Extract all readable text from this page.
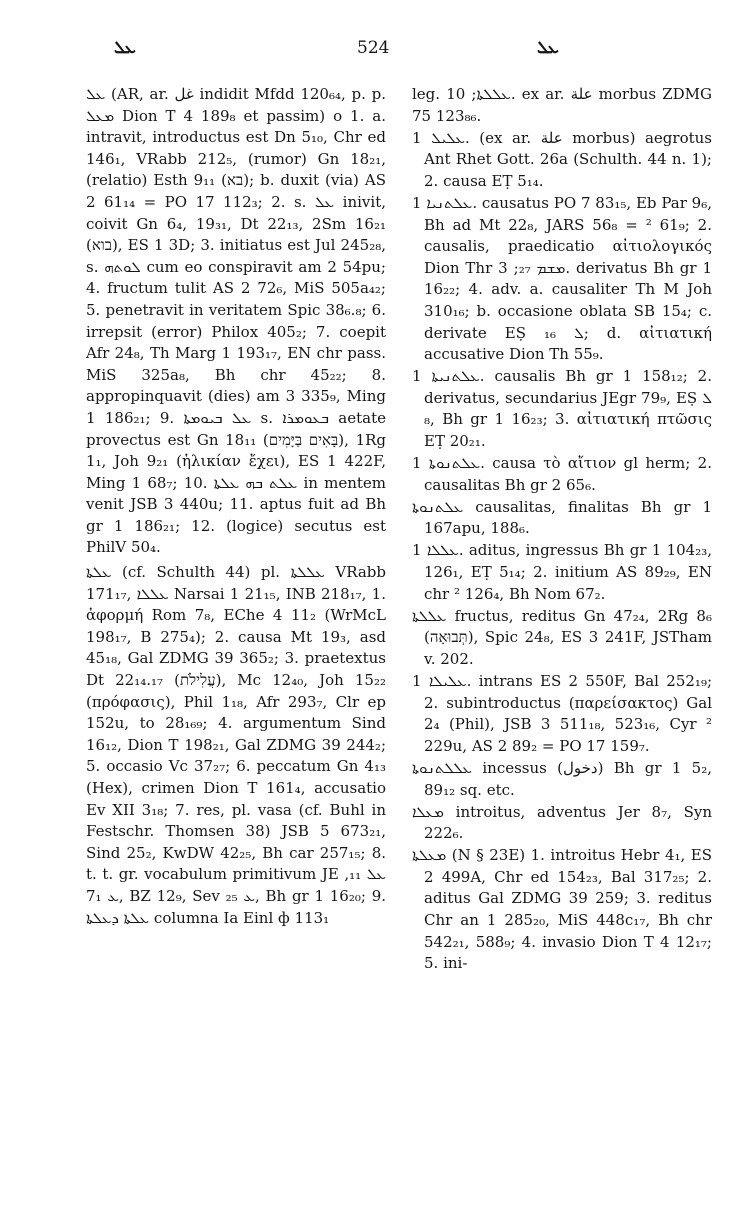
ܥܠ	524	ܥܠ

ܥܠ (AR, ar. غل indidit Mfdd 120₆₄, p. p. ܡܥܠ Dion T 4 189₈ et passim) o 1. a. intravit, introductus est Dn 5₁₀, Chr ed 146₁, VRabb 212₅, (rumor) Gn 18₂₁, (relatio) Esth 9₁₁ (בא); b. duxit (via) AS 2 61₁₄ = PO 17 112₃; 2. s. ܥܠ inivit, coivit Gn 6₄, 19₃₁, Dt 22₁₃, 2Sm 16₂₁ (בוא), ES 1 3D; 3. initiatus est Jul 245₂₈, s. ܠܘܬܗ cum eo conspiravit am 2 54pu; 4. fructum tulit AS 2 72₆, MiS 505a₄₂; 5. penetravit in veritatem Spic 38₆.₈; 6. irrepsit (error) Philox 405₂; 7. coepit Afr 24₈, Th Marg 1 193₁₇, EN chr pass. MiS 325a₈, Bh chr 45₂₂; 8. appropinquavit (dies) am 3 335₉, Ming 1 186₂₁; 9. ܥܠ ܒܝܘܡܬܐ s. ܒܥܘܡܪܐ aetate provectus est Gn 18₁₁ (בָּאִים בַּיָּמִים), 1Rg 1₁, Joh 9₂₁ (ἡλικίαν ἔχει), ES 1 422F, Ming 1 68₇; 10. ܥܠܬ ܒܗ ܥܠܬܐ in mentem venit JSB 3 440u; 11. aptus fuit ad Bh gr 1 186₂₁; 12. (logice) secutus est PhilV 50₄.

ܥܠܬܐ (cf. Schulth 44) pl. ܥܠܠܬܐ VRabb 171₁₇, ܥܠܠܐ Narsai 1 21₁₅, INB 218₁₇, 1. ἀφορμή Rom 7₈, EChe 4 11₂ (WrMcL 198₁₇, B 275₄); 2. causa Mt 19₃, asd 45₁₈, Gal ZDMG 39 365₂; 3. praetextus Dt 22₁₄.₁₇ (עֲלִילֹת), Mc 12₄₀, Joh 15₂₂ (πρόφασις), Phil 1₁₈, Afr 293₇, Clr ep 152u, to 28₁₆₉; 4. argumentum Sind 16₁₂, Dion T 198₂₁, Gal ZDMG 39 244₂; 5. occasio Vc 37₂₇; 6. peccatum Gn 4₁₃ (Hex), crimen Dion T 161₄, accusatio Ev XII 3₁₈; 7. res, pl. vasa (cf. Buhl in Festschr. Thomsen 38) JSB 5 673₂₁, Sind 25₂, KwDW 42₂₅, Bh car 257₁₅; 8. t. t. gr. vocabulum primitivum JE ܥܠ ₁₁, ܥ 7₁, BZ 12₉, Sev ܥ ₂₅, Bh gr 1 16₂₀; 9. ܥܠܬܐ ܕܥܠܬܐ columna Ia Einl ф 113₁

leg. ܥܠܠܬܐ; 10. ex ar. علة morbus ZDMG 75 123₈₆.

ܥܠܝܠ 1. (ex ar. علة morbus) aegrotus Ant Rhet Gott. 26a (Schulth. 44 n. 1); 2. causa EṬ 5₁₄.

ܥܠܬܢܝܐ 1. causatus PO 7 83₁₅, Eb Par 9₆, Bh ad Mt 22₈, JARS 56₈ = ² 61₉; 2. causalis, praedicatio αἰτιολογικός Dion Thr ܡܫܡ ₂₇; 3. derivatus Bh gr 1 16₂₂; 4. adv. a. causaliter Th M Joh 310₁₆; b. occasione oblata SB 15₄; c. derivate EṢ ܠ ₁₆; d. αἰτιατική accusative Dion Th 55₉.

ܥܠܬܢܝܬܐ 1. causalis Bh gr 1 158₁₂; 2. derivatus, secundarius JEgr 79₉, EṢ ܠ ₈, Bh gr 1 16₂₃; 3. αἰτιατική πτῶσις EṬ 20₂₁.

ܥܠܬܢܘܬܐ 1. causa τὸ αἴτιον gl herm; 2. causalitas Bh gr 2 65₆.

ܥܠܬܢܘܬܐ causalitas, finalitas Bh gr 1 167apu, 188₆.

ܥܠܠܐ 1. aditus, ingressus Bh gr 1 104₂₃, 126₁, EṬ 5₁₄; 2. initium AS 89₂₉, EN chr ² 126₄, Bh Nom 67₂.

ܥܠܠܬܐ fructus, reditus Gn 47₂₄, 2Rg 8₆ (תְּבוּאָה), Spic 24₈, ES 3 241F, JSTham v. 202.

ܥܠܝܠܐ 1. intrans ES 2 550F, Bal 252₁₉; 2. subintroductus (παρείσακτος) Gal 2₄ (Phil), JSB 3 511₁₈, 523₁₆, Cyr ² 229u, AS 2 89₂ = PO 17 159₇.

ܥܠܠܬܢܘܬܐ incessus (دخول) Bh gr 1 5₂, 89₁₂ sq. etc.

ܡܥܠܐ introitus, adventus Jer 8₇, Syn 222₆.

ܡܥܠܬܐ (N § 23E) 1. introitus Hebr 4₁, ES 2 499A, Chr ed 154₂₃, Bal 317₂₅; 2. aditus Gal ZDMG 39 259; 3. reditus Chr an 1 285₂₀, MiS 448c₁₇, Bh chr 542₂₁, 588₉; 4. invasio Dion T 4 12₁₇; 5. ini-
